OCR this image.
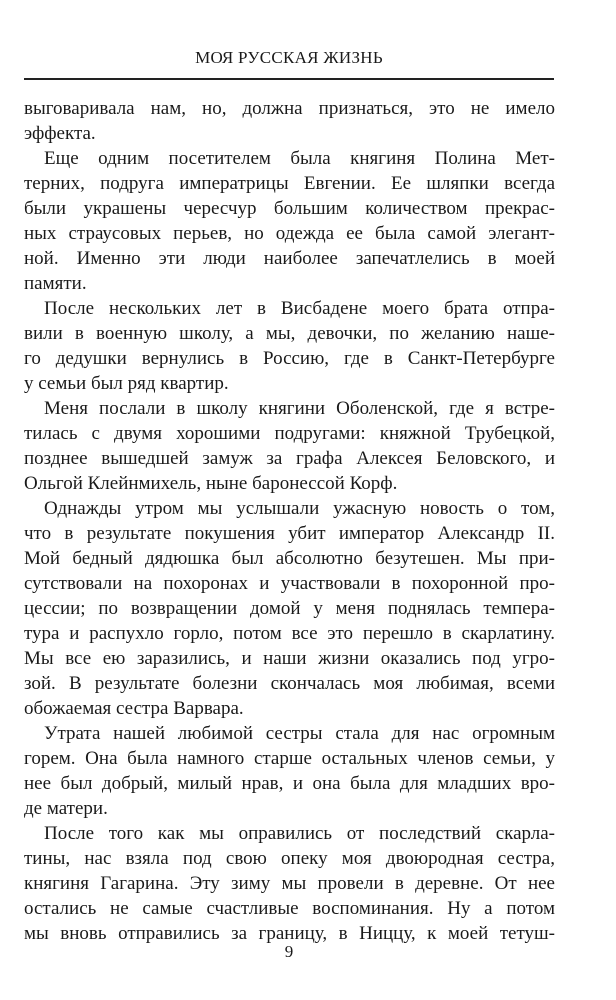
МОЯ РУССКАЯ ЖИЗНЬ
выговаривала нам, но, должна признаться, это не имело
эффекта.
Еще одним посетителем была княгиня Полина Мет-
терних, подруга императрицы Евгении. Ее шляпки всегда
были украшены чересчур большим количеством прекрас-
ных страусовых перьев, но одежда ее была самой элегант-
ной. Именно эти люди наиболее запечатлелись в моей
памяти.
После нескольких лет в Висбадене моего брата отпра-
вили в военную школу, а мы, девочки, по желанию наше-
го дедушки вернулись в Россию, где в Санкт-Петербурге
у семьи был ряд квартир.
Меня послали в школу княгини Оболенской, где я встре-
тилась с двумя хорошими подругами: княжной Трубецкой,
позднее вышедшей замуж за графа Алексея Беловского, и
Ольгой Клейнмихель, ныне баронессой Корф.
Однажды утром мы услышали ужасную новость о том,
что в результате покушения убит император Александр II.
Мой бедный дядюшка был абсолютно безутешен. Мы при-
сутствовали на похоронах и участвовали в похоронной про-
цессии; по возвращении домой у меня поднялась темпера-
тура и распухло горло, потом все это перешло в скарлатину.
Мы все ею заразились, и наши жизни оказались под угро-
зой. В результате болезни скончалась моя любимая, всеми
обожаемая сестра Варвара.
Утрата нашей любимой сестры стала для нас огромным
горем. Она была намного старше остальных членов семьи, у
нее был добрый, милый нрав, и она была для младших вро-
де матери.
После того как мы оправились от последствий скарла-
тины, нас взяла под свою опеку моя двоюродная сестра,
княгиня Гагарина. Эту зиму мы провели в деревне. От нее
остались не самые счастливые воспоминания. Ну а потом
мы вновь отправились за границу, в Ниццу, к моей тетуш-
9
